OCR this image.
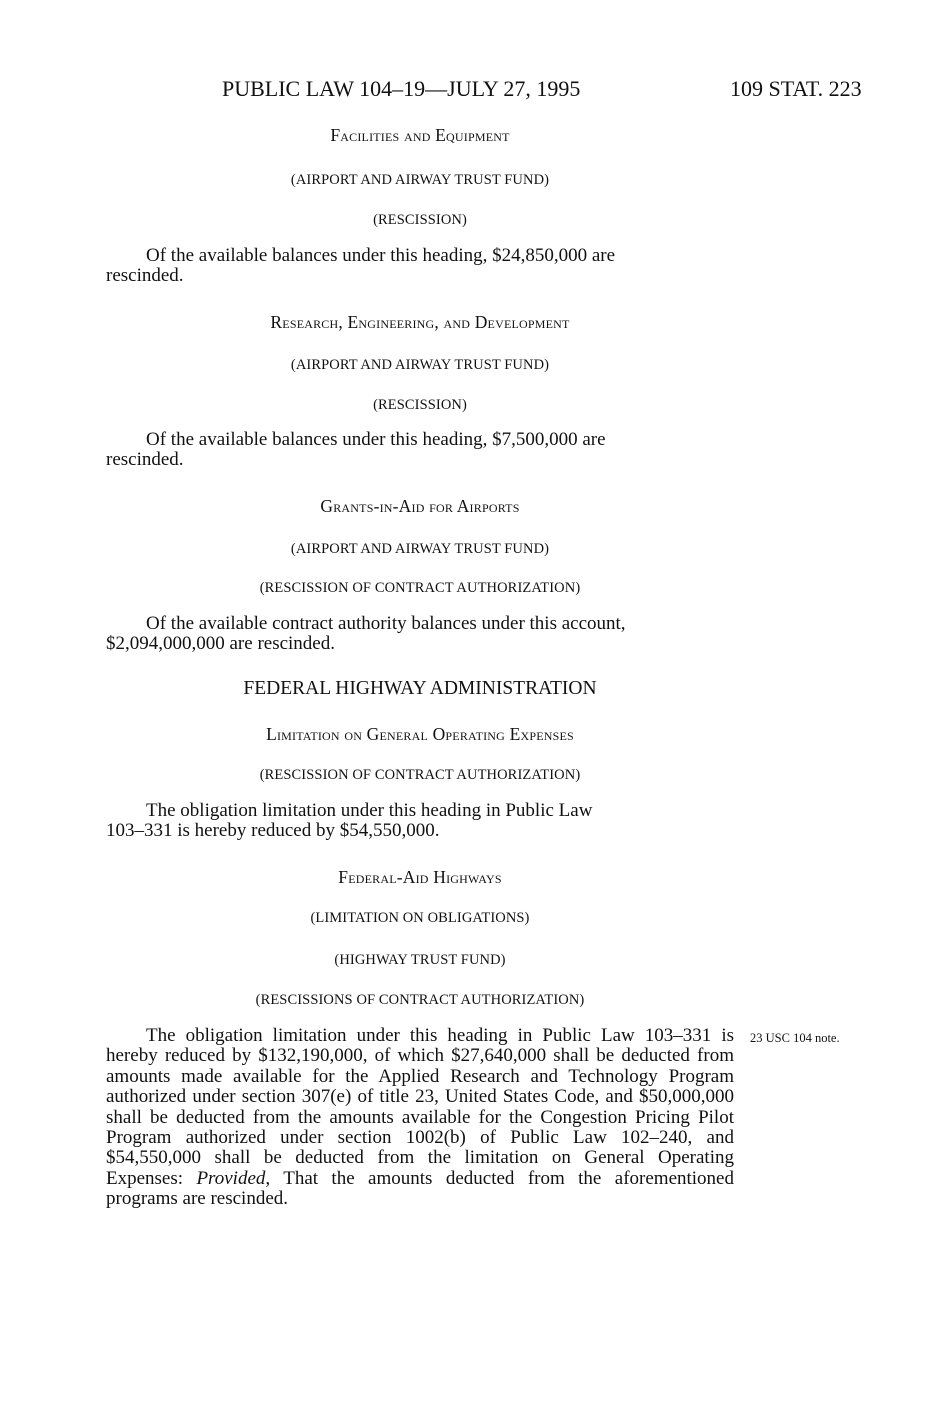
PUBLIC LAW 104–19—JULY 27, 1995	109 STAT. 223
Facilities and Equipment
(AIRPORT AND AIRWAY TRUST FUND)
(RESCISSION)
Of the available balances under this heading, $24,850,000 are
rescinded.
Research, Engineering, and Development
(AIRPORT AND AIRWAY TRUST FUND)
(RESCISSION)
Of the available balances under this heading, $7,500,000 are
rescinded.
Grants-in-Aid for Airports
(AIRPORT AND AIRWAY TRUST FUND)
(RESCISSION OF CONTRACT AUTHORIZATION)
Of the available contract authority balances under this account,
$2,094,000,000 are rescinded.
FEDERAL HIGHWAY ADMINISTRATION
Limitation on General Operating Expenses
(RESCISSION OF CONTRACT AUTHORIZATION)
The obligation limitation under this heading in Public Law
103–331 is hereby reduced by $54,550,000.
Federal-Aid Highways
(LIMITATION ON OBLIGATIONS)
(HIGHWAY TRUST FUND)
(RESCISSIONS OF CONTRACT AUTHORIZATION)
The obligation limitation under this heading in Public Law 103–331 is hereby reduced by $132,190,000, of which $27,640,000 shall be deducted from amounts made available for the Applied Research and Technology Program authorized under section 307(e) of title 23, United States Code, and $50,000,000 shall be deducted from the amounts available for the Congestion Pricing Pilot Program authorized under section 1002(b) of Public Law 102–240, and $54,550,000 shall be deducted from the limitation on General Operating Expenses: Provided, That the amounts deducted from the aforementioned programs are rescinded.
23 USC 104 note.
